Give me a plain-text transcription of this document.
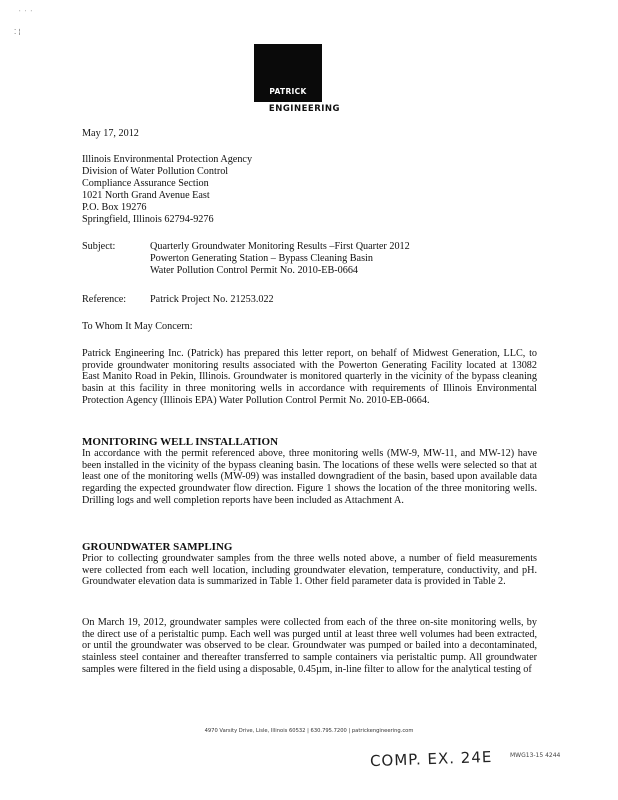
˙ ˙ ˙
⁚ ¦
PATRICK
ENGINEERING
May 17, 2012
Illinois Environmental Protection Agency
Division of Water Pollution Control
Compliance Assurance Section
1021 North Grand Avenue East
P.O. Box 19276
Springfield, Illinois 62794-9276
Subject:	Quarterly Groundwater Monitoring Results –First Quarter 2012
Powerton Generating Station – Bypass Cleaning Basin
Water Pollution Control Permit No. 2010-EB-0664
Reference: Patrick Project No. 21253.022
To Whom It May Concern:
Patrick Engineering Inc. (Patrick) has prepared this letter report, on behalf of Midwest Generation, LLC, to provide groundwater monitoring results associated with the Powerton Generating Facility located at 13082 East Manito Road in Pekin, Illinois. Groundwater is monitored quarterly in the vicinity of the bypass cleaning basin at this facility in three monitoring wells in accordance with requirements of Illinois Environmental Protection Agency (Illinois EPA) Water Pollution Control Permit No. 2010-EB-0664.
MONITORING WELL INSTALLATION
In accordance with the permit referenced above, three monitoring wells (MW-9, MW-11, and MW-12) have been installed in the vicinity of the bypass cleaning basin. The locations of these wells were selected so that at least one of the monitoring wells (MW-09) was installed downgradient of the basin, based upon available data regarding the expected groundwater flow direction. Figure 1 shows the location of the three monitoring wells. Drilling logs and well completion reports have been included as Attachment A.
GROUNDWATER SAMPLING
Prior to collecting groundwater samples from the three wells noted above, a number of field measurements were collected from each well location, including groundwater elevation, temperature, conductivity, and pH. Groundwater elevation data is summarized in Table 1. Other field parameter data is provided in Table 2.
On March 19, 2012, groundwater samples were collected from each of the three on-site monitoring wells, by the direct use of a peristaltic pump. Each well was purged until at least three well volumes had been extracted, or until the groundwater was observed to be clear. Groundwater was pumped or bailed into a decontaminated, stainless steel container and thereafter transferred to sample containers via peristaltic pump. All groundwater samples were filtered in the field using a disposable, 0.45µm, in-line filter to allow for the analytical testing of
4970 Varsity Drive, Lisle, Illinois 60532 | 630.795.7200 | patrickengineering.com
COMP. EX. 24E	MWG13-15 4244
